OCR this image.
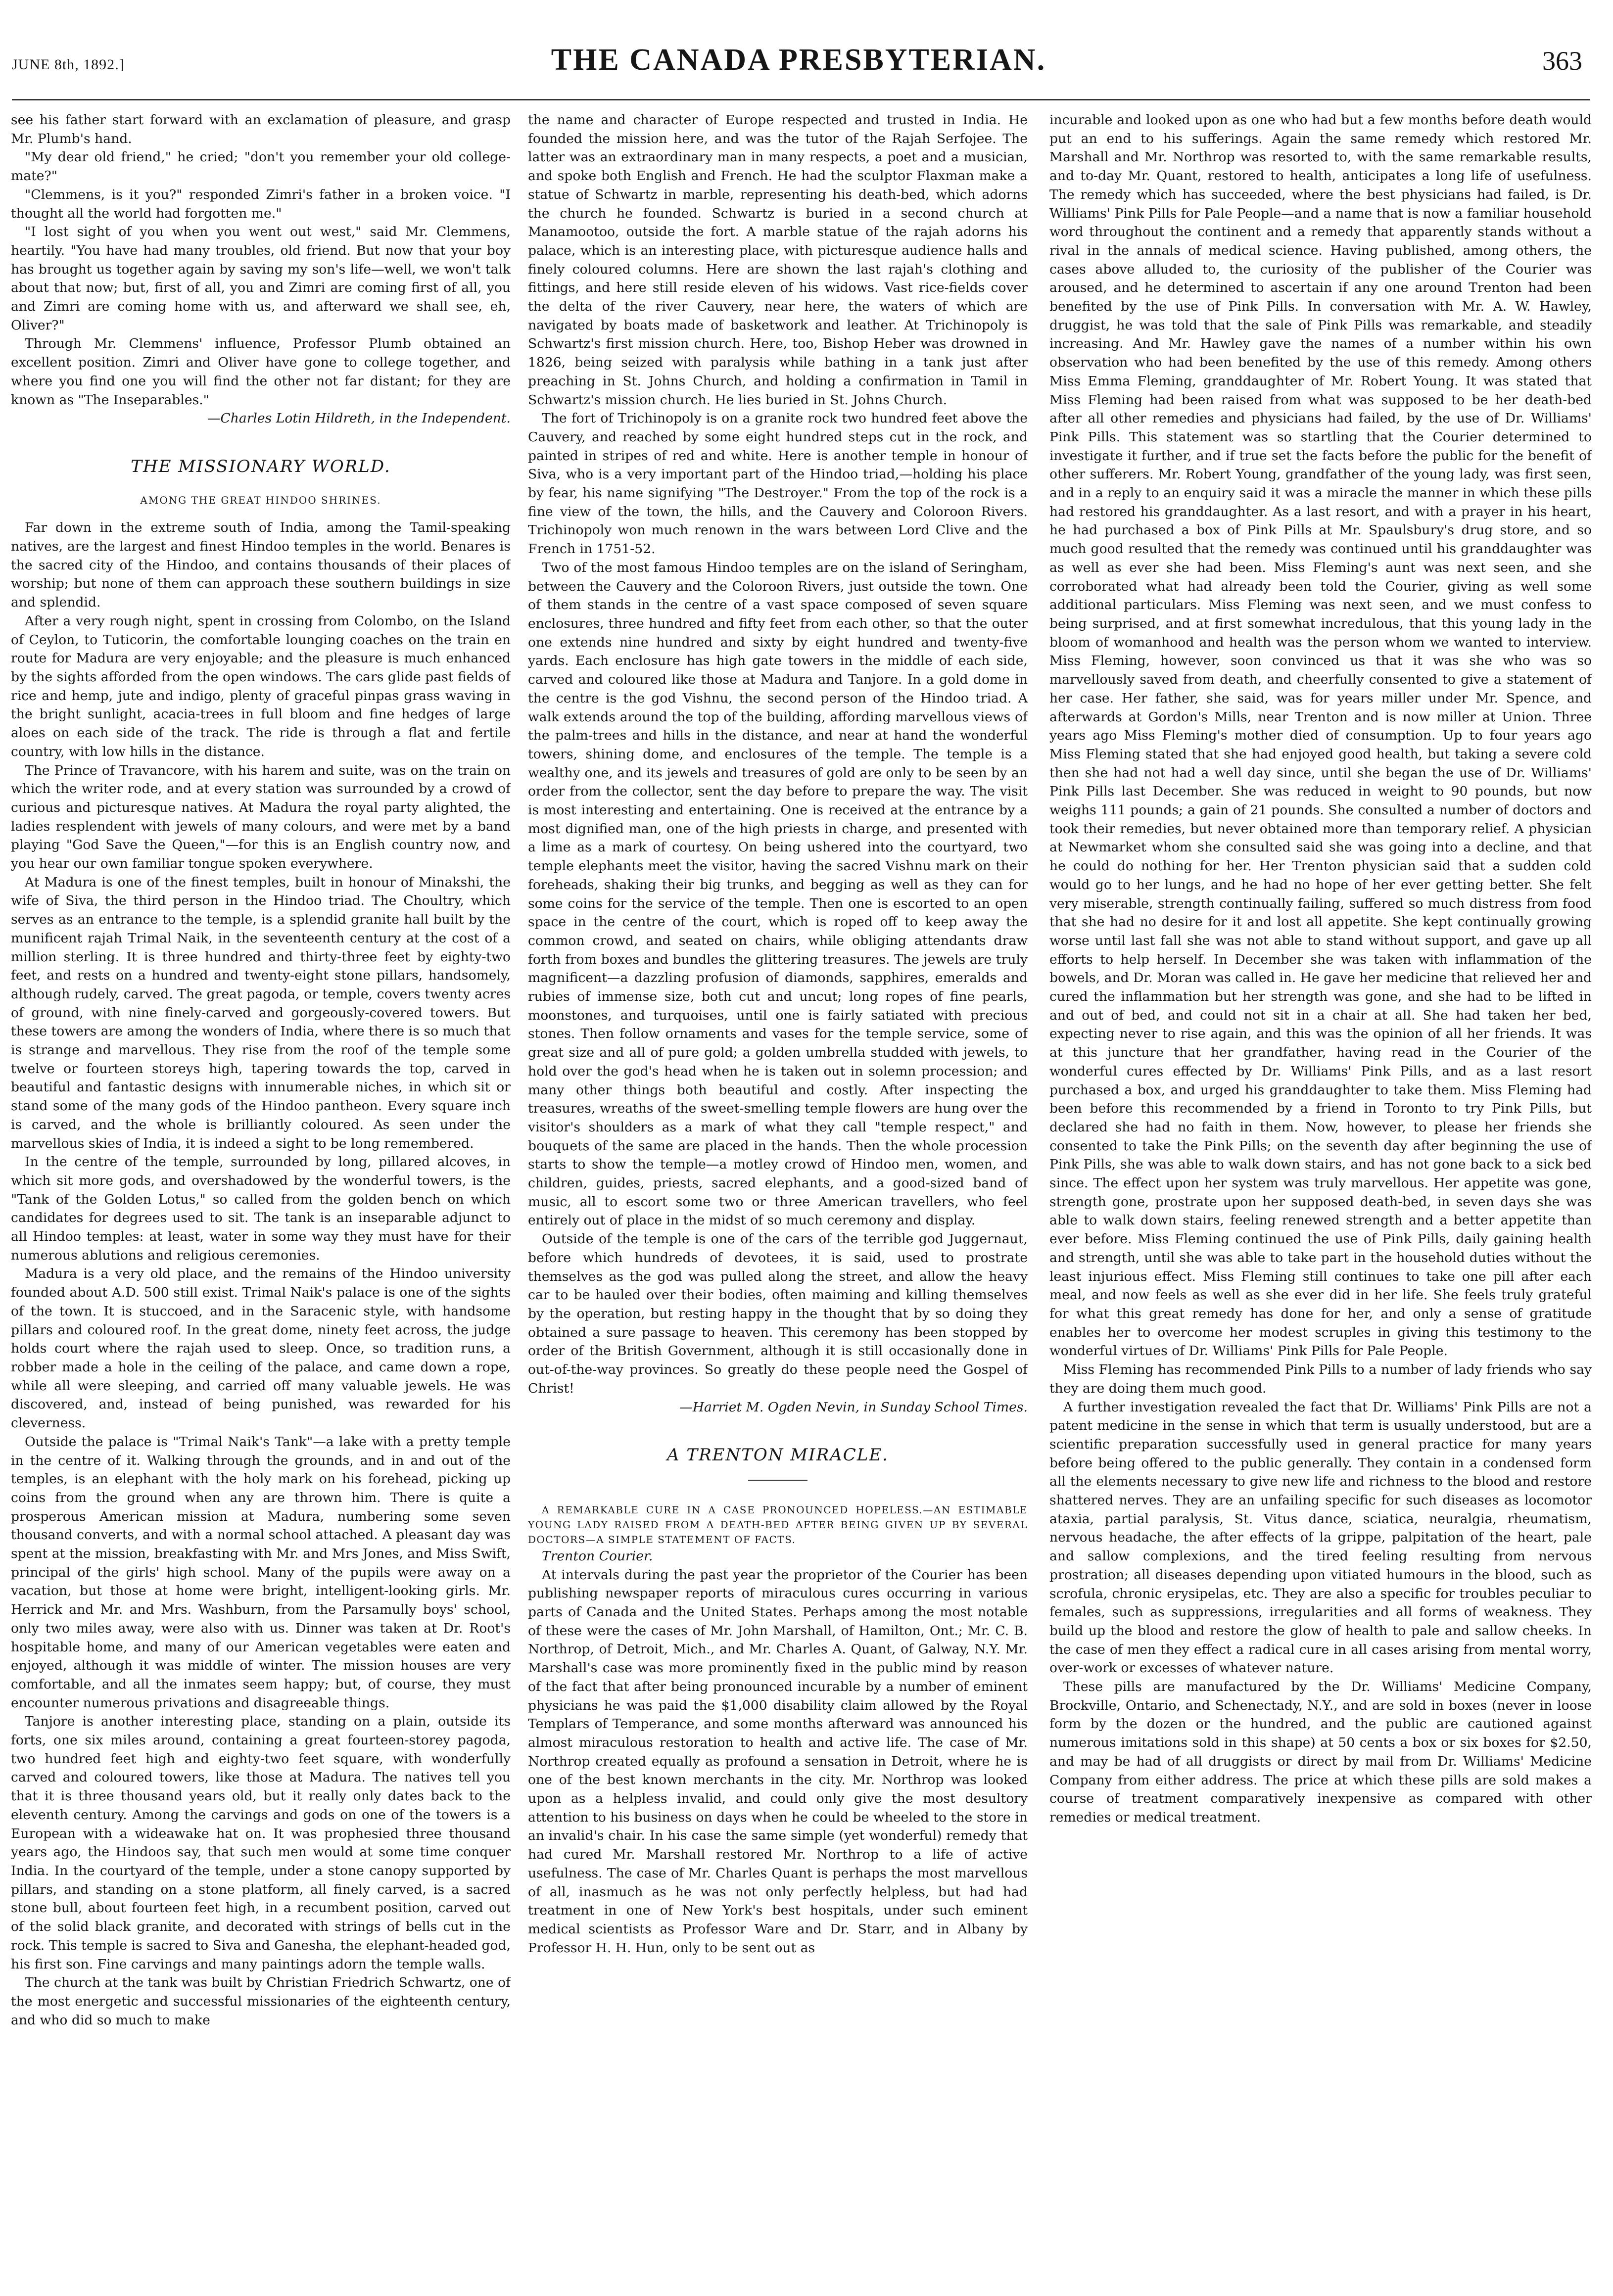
JUNE 8th, 1892.]	THE CANADA PRESBYTERIAN.	363

see his father start forward with an exclamation of pleasure, and grasp Mr. Plumb's hand.

"My dear old friend," he cried; "don't you remember your old college-mate?"

"Clemmens, is it you?" responded Zimri's father in a broken voice. "I thought all the world had forgotten me."

"I lost sight of you when you went out west," said Mr. Clemmens, heartily. "You have had many troubles, old friend. But now that your boy has brought us together again by saving my son's life—well, we won't talk about that now; but, first of all, you and Zimri are coming first of all, you and Zimri are coming home with us, and afterward we shall see, eh, Oliver?"

Through Mr. Clemmens' influence, Professor Plumb obtained an excellent position. Zimri and Oliver have gone to college together, and where you find one you will find the other not far distant; for they are known as "The Inseparables."

—Charles Lotin Hildreth, in the Independent.

THE MISSIONARY WORLD.
AMONG THE GREAT HINDOO SHRINES.

Far down in the extreme south of India, among the Tamil-speaking natives, are the largest and finest Hindoo temples in the world. Benares is the sacred city of the Hindoo, and contains thousands of their places of worship; but none of them can approach these southern buildings in size and splendid.

After a very rough night, spent in crossing from Colombo, on the Island of Ceylon, to Tuticorin, the comfortable lounging coaches on the train en route for Madura are very enjoyable; and the pleasure is much enhanced by the sights afforded from the open windows. The cars glide past fields of rice and hemp, jute and indigo, plenty of graceful pinpas grass waving in the bright sunlight, acacia-trees in full bloom and fine hedges of large aloes on each side of the track. The ride is through a flat and fertile country, with low hills in the distance.

The Prince of Travancore, with his harem and suite, was on the train on which the writer rode, and at every station was surrounded by a crowd of curious and picturesque natives. At Madura the royal party alighted, the ladies resplendent with jewels of many colours, and were met by a band playing "God Save the Queen,"—for this is an English country now, and you hear our own familiar tongue spoken everywhere.

At Madura is one of the finest temples, built in honour of Minakshi, the wife of Siva, the third person in the Hindoo triad. The Choultry, which serves as an entrance to the temple, is a splendid granite hall built by the munificent rajah Trimal Naik, in the seventeenth century at the cost of a million sterling. It is three hundred and thirty-three feet by eighty-two feet, and rests on a hundred and twenty-eight stone pillars, handsomely, although rudely, carved. The great pagoda, or temple, covers twenty acres of ground, with nine finely-carved and gorgeously-covered towers. But these towers are among the wonders of India, where there is so much that is strange and marvellous. They rise from the roof of the temple some twelve or fourteen storeys high, tapering towards the top, carved in beautiful and fantastic designs with innumerable niches, in which sit or stand some of the many gods of the Hindoo pantheon. Every square inch is carved, and the whole is brilliantly coloured. As seen under the marvellous skies of India, it is indeed a sight to be long remembered.

In the centre of the temple, surrounded by long, pillared alcoves, in which sit more gods, and overshadowed by the wonderful towers, is the "Tank of the Golden Lotus," so called from the golden bench on which candidates for degrees used to sit. The tank is an inseparable adjunct to all Hindoo temples: at least, water in some way they must have for their numerous ablutions and religious ceremonies.

Madura is a very old place, and the remains of the Hindoo university founded about A.D. 500 still exist. Trimal Naik's palace is one of the sights of the town. It is stuccoed, and in the Saracenic style, with handsome pillars and coloured roof. In the great dome, ninety feet across, the judge holds court where the rajah used to sleep. Once, so tradition runs, a robber made a hole in the ceiling of the palace, and came down a rope, while all were sleeping, and carried off many valuable jewels. He was discovered, and, instead of being punished, was rewarded for his cleverness.

Outside the palace is "Trimal Naik's Tank"—a lake with a pretty temple in the centre of it. Walking through the grounds, and in and out of the temples, is an elephant with the holy mark on his forehead, picking up coins from the ground when any are thrown him. There is quite a prosperous American mission at Madura, numbering some seven thousand converts, and with a normal school attached. A pleasant day was spent at the mission, breakfasting with Mr. and Mrs Jones, and Miss Swift, principal of the girls' high school. Many of the pupils were away on a vacation, but those at home were bright, intelligent-looking girls. Mr. Herrick and Mr. and Mrs. Washburn, from the Parsamully boys' school, only two miles away, were also with us. Dinner was taken at Dr. Root's hospitable home, and many of our American vegetables were eaten and enjoyed, although it was middle of winter. The mission houses are very comfortable, and all the inmates seem happy; but, of course, they must encounter numerous privations and disagreeable things.

Tanjore is another interesting place, standing on a plain, outside its forts, one six miles around, containing a great fourteen-storey pagoda, two hundred feet high and eighty-two feet square, with wonderfully carved and coloured towers, like those at Madura. The natives tell you that it is three thousand years old, but it really only dates back to the eleventh century. Among the carvings and gods on one of the towers is a European with a wideawake hat on. It was prophesied three thousand years ago, the Hindoos say, that such men would at some time conquer India. In the courtyard of the temple, under a stone canopy supported by pillars, and standing on a stone platform, all finely carved, is a sacred stone bull, about fourteen feet high, in a recumbent position, carved out of the solid black granite, and decorated with strings of bells cut in the rock. This temple is sacred to Siva and Ganesha, the elephant-headed god, his first son. Fine carvings and many paintings adorn the temple walls.

The church at the tank was built by Christian Friedrich Schwartz, one of the most energetic and successful missionaries of the eighteenth century, and who did so much to make

the name and character of Europe respected and trusted in India. He founded the mission here, and was the tutor of the Rajah Serfojee. The latter was an extraordinary man in many respects, a poet and a musician, and spoke both English and French. He had the sculptor Flaxman make a statue of Schwartz in marble, representing his death-bed, which adorns the church he founded. Schwartz is buried in a second church at Manamootoo, outside the fort. A marble statue of the rajah adorns his palace, which is an interesting place, with picturesque audience halls and finely coloured columns. Here are shown the last rajah's clothing and fittings, and here still reside eleven of his widows. Vast rice-fields cover the delta of the river Cauvery, near here, the waters of which are navigated by boats made of basketwork and leather. At Trichinopoly is Schwartz's first mission church. Here, too, Bishop Heber was drowned in 1826, being seized with paralysis while bathing in a tank just after preaching in St. Johns Church, and holding a confirmation in Tamil in Schwartz's mission church. He lies buried in St. Johns Church.

The fort of Trichinopoly is on a granite rock two hundred feet above the Cauvery, and reached by some eight hundred steps cut in the rock, and painted in stripes of red and white. Here is another temple in honour of Siva, who is a very important part of the Hindoo triad,—holding his place by fear, his name signifying "The Destroyer." From the top of the rock is a fine view of the town, the hills, and the Cauvery and Coloroon Rivers. Trichinopoly won much renown in the wars between Lord Clive and the French in 1751-52.

Two of the most famous Hindoo temples are on the island of Seringham, between the Cauvery and the Coloroon Rivers, just outside the town. One of them stands in the centre of a vast space composed of seven square enclosures, three hundred and fifty feet from each other, so that the outer one extends nine hundred and sixty by eight hundred and twenty-five yards. Each enclosure has high gate towers in the middle of each side, carved and coloured like those at Madura and Tanjore. In a gold dome in the centre is the god Vishnu, the second person of the Hindoo triad. A walk extends around the top of the building, affording marvellous views of the palm-trees and hills in the distance, and near at hand the wonderful towers, shining dome, and enclosures of the temple. The temple is a wealthy one, and its jewels and treasures of gold are only to be seen by an order from the collector, sent the day before to prepare the way. The visit is most interesting and entertaining. One is received at the entrance by a most dignified man, one of the high priests in charge, and presented with a lime as a mark of courtesy. On being ushered into the courtyard, two temple elephants meet the visitor, having the sacred Vishnu mark on their foreheads, shaking their big trunks, and begging as well as they can for some coins for the service of the temple. Then one is escorted to an open space in the centre of the court, which is roped off to keep away the common crowd, and seated on chairs, while obliging attendants draw forth from boxes and bundles the glittering treasures. The jewels are truly magnificent—a dazzling profusion of diamonds, sapphires, emeralds and rubies of immense size, both cut and uncut; long ropes of fine pearls, moonstones, and turquoises, until one is fairly satiated with precious stones. Then follow ornaments and vases for the temple service, some of great size and all of pure gold; a golden umbrella studded with jewels, to hold over the god's head when he is taken out in solemn procession; and many other things both beautiful and costly. After inspecting the treasures, wreaths of the sweet-smelling temple flowers are hung over the visitor's shoulders as a mark of what they call "temple respect," and bouquets of the same are placed in the hands. Then the whole procession starts to show the temple—a motley crowd of Hindoo men, women, and children, guides, priests, sacred elephants, and a good-sized band of music, all to escort some two or three American travellers, who feel entirely out of place in the midst of so much ceremony and display.

Outside of the temple is one of the cars of the terrible god Juggernaut, before which hundreds of devotees, it is said, used to prostrate themselves as the god was pulled along the street, and allow the heavy car to be hauled over their bodies, often maiming and killing themselves by the operation, but resting happy in the thought that by so doing they obtained a sure passage to heaven. This ceremony has been stopped by order of the British Government, although it is still occasionally done in out-of-the-way provinces. So greatly do these people need the Gospel of Christ!

—Harriet M. Ogden Nevin, in Sunday School Times.

A TRENTON MIRACLE.

A REMARKABLE CURE IN A CASE PRONOUNCED HOPELESS.—AN ESTIMABLE YOUNG LADY RAISED FROM A DEATH-BED AFTER BEING GIVEN UP BY SEVERAL DOCTORS—A SIMPLE STATEMENT OF FACTS.

Trenton Courier.

At intervals during the past year the proprietor of the Courier has been publishing newspaper reports of miraculous cures occurring in various parts of Canada and the United States. Perhaps among the most notable of these were the cases of Mr. John Marshall, of Hamilton, Ont.; Mr. C. B. Northrop, of Detroit, Mich., and Mr. Charles A. Quant, of Galway, N.Y. Mr. Marshall's case was more prominently fixed in the public mind by reason of the fact that after being pronounced incurable by a number of eminent physicians he was paid the $1,000 disability claim allowed by the Royal Templars of Temperance, and some months afterward was announced his almost miraculous restoration to health and active life. The case of Mr. Northrop created equally as profound a sensation in Detroit, where he is one of the best known merchants in the city. Mr. Northrop was looked upon as a helpless invalid, and could only give the most desultory attention to his business on days when he could be wheeled to the store in an invalid's chair. In his case the same simple (yet wonderful) remedy that had cured Mr. Marshall restored Mr. Northrop to a life of active usefulness. The case of Mr. Charles Quant is perhaps the most marvellous of all, inasmuch as he was not only perfectly helpless, but had had treatment in one of New York's best hospitals, under such eminent medical scientists as Professor Ware and Dr. Starr, and in Albany by Professor H. H. Hun, only to be sent out as

incurable and looked upon as one who had but a few months before death would put an end to his sufferings. Again the same remedy which restored Mr. Marshall and Mr. Northrop was resorted to, with the same remarkable results, and to-day Mr. Quant, restored to health, anticipates a long life of usefulness. The remedy which has succeeded, where the best physicians had failed, is Dr. Williams' Pink Pills for Pale People—and a name that is now a familiar household word throughout the continent and a remedy that apparently stands without a rival in the annals of medical science. Having published, among others, the cases above alluded to, the curiosity of the publisher of the Courier was aroused, and he determined to ascertain if any one around Trenton had been benefited by the use of Pink Pills. In conversation with Mr. A. W. Hawley, druggist, he was told that the sale of Pink Pills was remarkable, and steadily increasing. And Mr. Hawley gave the names of a number within his own observation who had been benefited by the use of this remedy. Among others Miss Emma Fleming, granddaughter of Mr. Robert Young. It was stated that Miss Fleming had been raised from what was supposed to be her death-bed after all other remedies and physicians had failed, by the use of Dr. Williams' Pink Pills. This statement was so startling that the Courier determined to investigate it further, and if true set the facts before the public for the benefit of other sufferers. Mr. Robert Young, grandfather of the young lady, was first seen, and in a reply to an enquiry said it was a miracle the manner in which these pills had restored his granddaughter. As a last resort, and with a prayer in his heart, he had purchased a box of Pink Pills at Mr. Spaulsbury's drug store, and so much good resulted that the remedy was continued until his granddaughter was as well as ever she had been. Miss Fleming's aunt was next seen, and she corroborated what had already been told the Courier, giving as well some additional particulars. Miss Fleming was next seen, and we must confess to being surprised, and at first somewhat incredulous, that this young lady in the bloom of womanhood and health was the person whom we wanted to interview. Miss Fleming, however, soon convinced us that it was she who was so marvellously saved from death, and cheerfully consented to give a statement of her case. Her father, she said, was for years miller under Mr. Spence, and afterwards at Gordon's Mills, near Trenton and is now miller at Union. Three years ago Miss Fleming's mother died of consumption. Up to four years ago Miss Fleming stated that she had enjoyed good health, but taking a severe cold then she had not had a well day since, until she began the use of Dr. Williams' Pink Pills last December. She was reduced in weight to 90 pounds, but now weighs 111 pounds; a gain of 21 pounds. She consulted a number of doctors and took their remedies, but never obtained more than temporary relief. A physician at Newmarket whom she consulted said she was going into a decline, and that he could do nothing for her. Her Trenton physician said that a sudden cold would go to her lungs, and he had no hope of her ever getting better. She felt very miserable, strength continually failing, suffered so much distress from food that she had no desire for it and lost all appetite. She kept continually growing worse until last fall she was not able to stand without support, and gave up all efforts to help herself. In December she was taken with inflammation of the bowels, and Dr. Moran was called in. He gave her medicine that relieved her and cured the inflammation but her strength was gone, and she had to be lifted in and out of bed, and could not sit in a chair at all. She had taken her bed, expecting never to rise again, and this was the opinion of all her friends. It was at this juncture that her grandfather, having read in the Courier of the wonderful cures effected by Dr. Williams' Pink Pills, and as a last resort purchased a box, and urged his granddaughter to take them. Miss Fleming had been before this recommended by a friend in Toronto to try Pink Pills, but declared she had no faith in them. Now, however, to please her friends she consented to take the Pink Pills; on the seventh day after beginning the use of Pink Pills, she was able to walk down stairs, and has not gone back to a sick bed since. The effect upon her system was truly marvellous. Her appetite was gone, strength gone, prostrate upon her supposed death-bed, in seven days she was able to walk down stairs, feeling renewed strength and a better appetite than ever before. Miss Fleming continued the use of Pink Pills, daily gaining health and strength, until she was able to take part in the household duties without the least injurious effect. Miss Fleming still continues to take one pill after each meal, and now feels as well as she ever did in her life. She feels truly grateful for what this great remedy has done for her, and only a sense of gratitude enables her to overcome her modest scruples in giving this testimony to the wonderful virtues of Dr. Williams' Pink Pills for Pale People.

Miss Fleming has recommended Pink Pills to a number of lady friends who say they are doing them much good.

A further investigation revealed the fact that Dr. Williams' Pink Pills are not a patent medicine in the sense in which that term is usually understood, but are a scientific preparation successfully used in general practice for many years before being offered to the public generally. They contain in a condensed form all the elements necessary to give new life and richness to the blood and restore shattered nerves. They are an unfailing specific for such diseases as locomotor ataxia, partial paralysis, St. Vitus dance, sciatica, neuralgia, rheumatism, nervous headache, the after effects of la grippe, palpitation of the heart, pale and sallow complexions, and the tired feeling resulting from nervous prostration; all diseases depending upon vitiated humours in the blood, such as scrofula, chronic erysipelas, etc. They are also a specific for troubles peculiar to females, such as suppressions, irregularities and all forms of weakness. They build up the blood and restore the glow of health to pale and sallow cheeks. In the case of men they effect a radical cure in all cases arising from mental worry, over-work or excesses of whatever nature.

These pills are manufactured by the Dr. Williams' Medicine Company, Brockville, Ontario, and Schenectady, N.Y., and are sold in boxes (never in loose form by the dozen or the hundred, and the public are cautioned against numerous imitations sold in this shape) at 50 cents a box or six boxes for $2.50, and may be had of all druggists or direct by mail from Dr. Williams' Medicine Company from either address. The price at which these pills are sold makes a course of treatment comparatively inexpensive as compared with other remedies or medical treatment.
